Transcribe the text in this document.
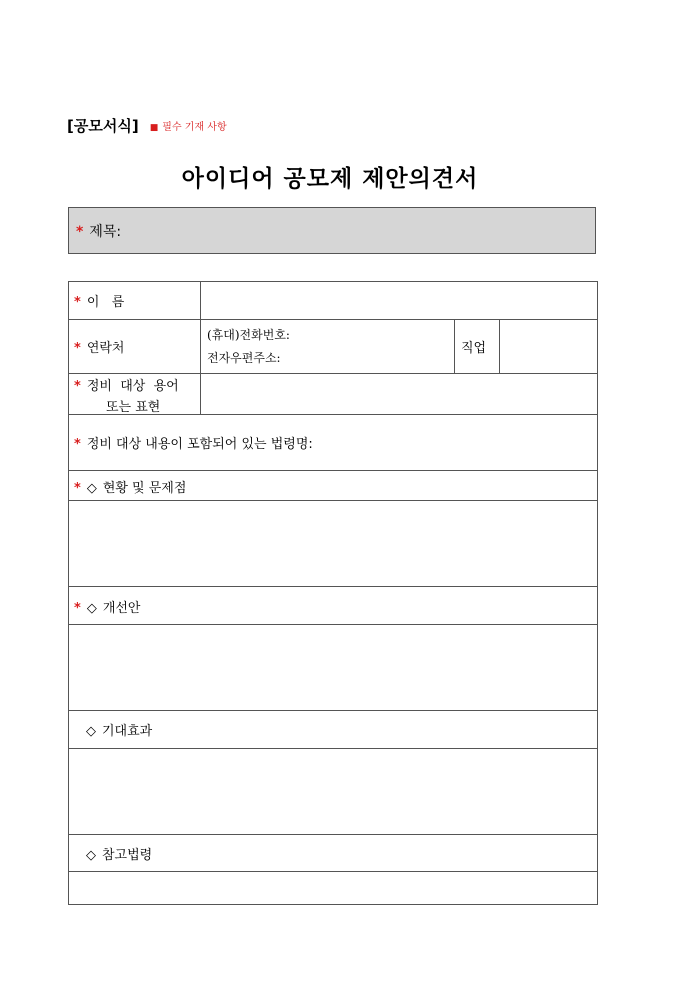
[공모서식] ■ 필수 기재 사항
아이디어 공모제 제안의견서
* 제목:
* 이   름
* 연락처
(휴대)전화번호:
전자우편주소:
직업
* 정비  대상  용어
또는 표현
* 정비 대상 내용이 포함되어 있는 법령명:
* ◇ 현황 및 문제점
* ◇ 개선안
◇ 기대효과
◇ 참고법령
